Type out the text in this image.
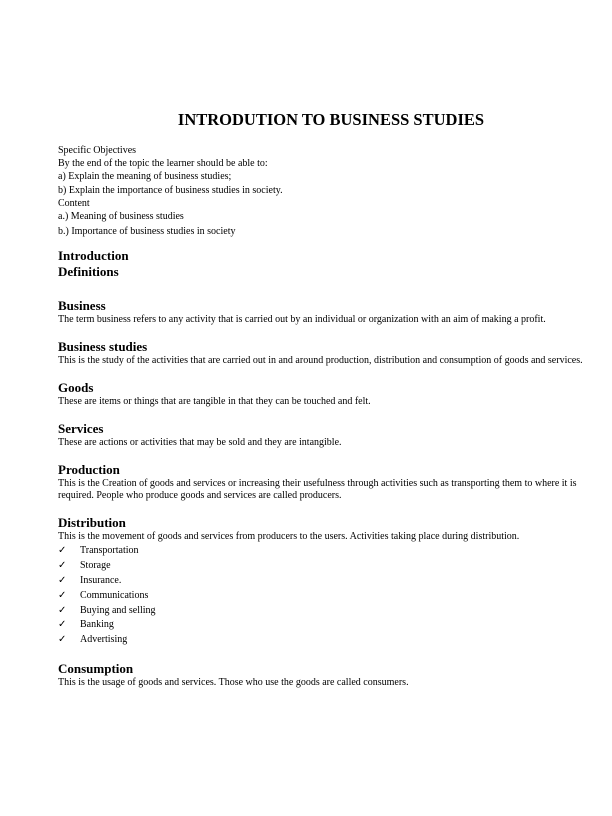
INTRODUTION TO BUSINESS STUDIES
Specific Objectives
By the end of the topic the learner should be able to:
a) Explain the meaning of business studies;
b) Explain the importance of business studies in society.
Content
a.) Meaning of business studies
b.) Importance of business studies in society
Introduction
Definitions
Business

The term business refers to any activity that is carried out by an individual or organization with an aim of making a profit.

Business studies

This is the study of the activities that are carried out in and around production, distribution and consumption of goods and services.

Goods

These are items or things that are tangible in that they can be touched and felt.

Services

These are actions or activities that may be sold and they are intangible.

Production

This is the Creation of goods and services or increasing their usefulness through activities such as transporting them to where it is required. People who produce goods and services are called producers.

Distribution

This is the movement of goods and services from producers to the users. Activities taking place during distribution.

✓	Transportation
✓	Storage
✓	Insurance.
✓	Communications
✓	Buying and selling
✓	Banking
✓	Advertising
Consumption

This is the usage of goods and services. Those who use the goods are called consumers.
